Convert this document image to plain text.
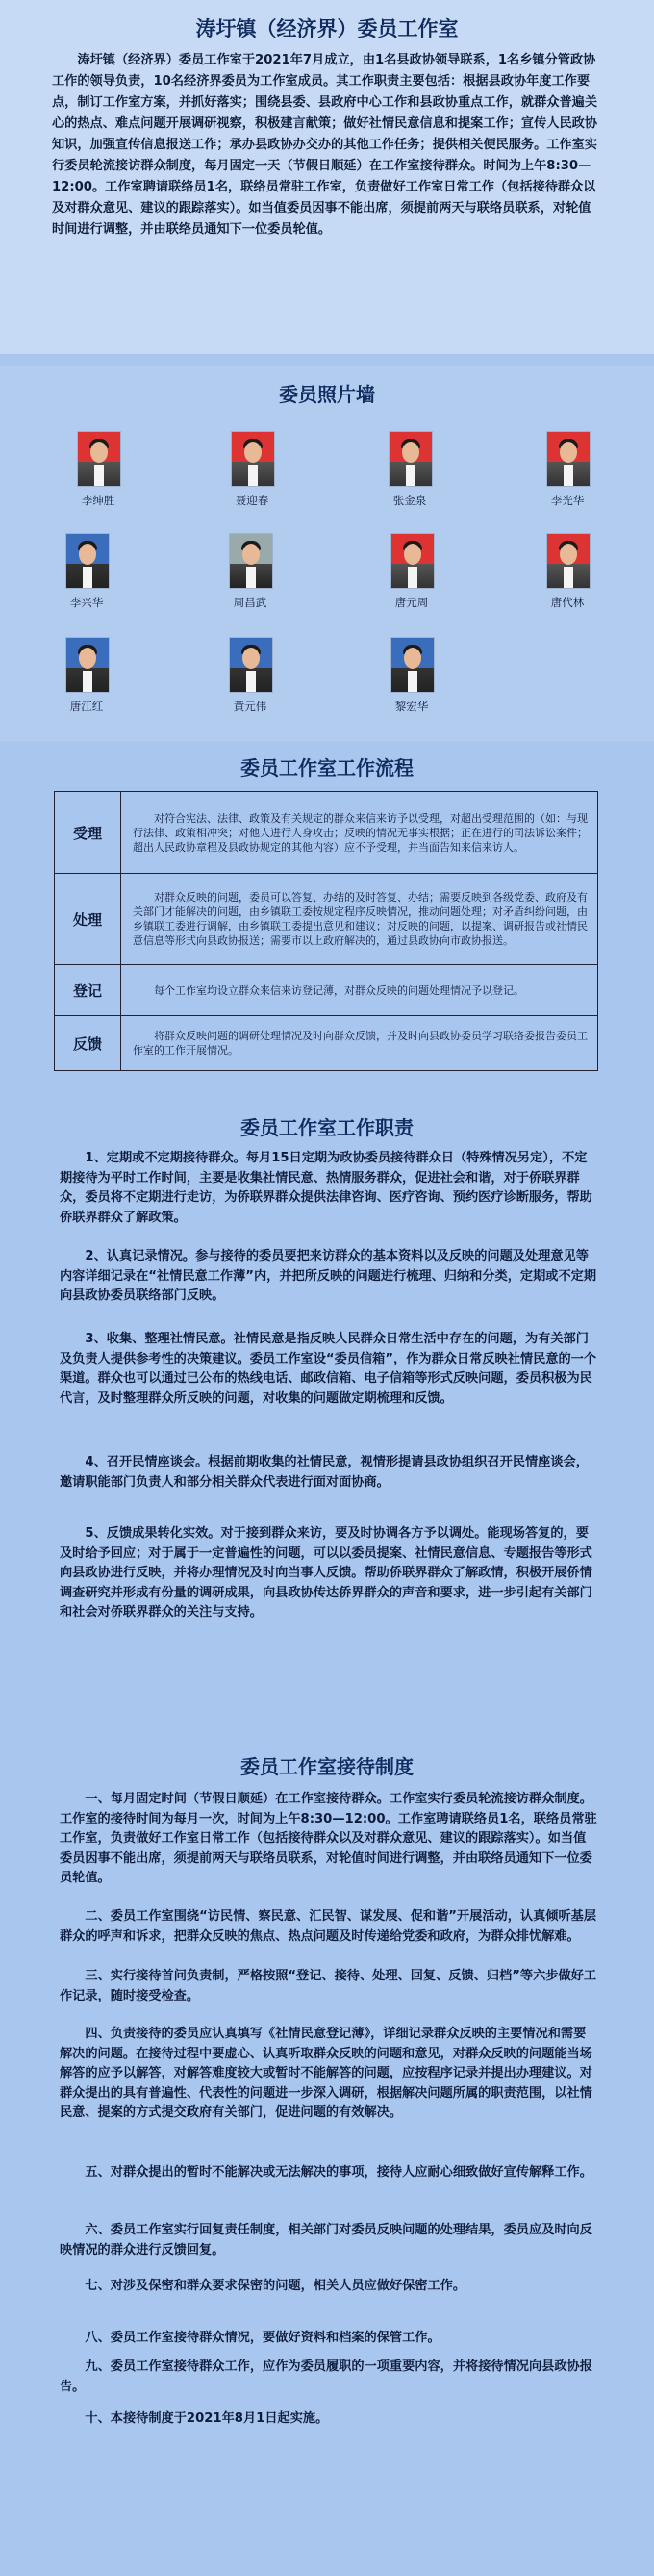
涛圩镇（经济界）委员工作室
涛圩镇（经济界）委员工作室于2021年7月成立，由1名县政协领导联系，1名乡镇分管政协工作的领导负责，10名经济界委员为工作室成员。其工作职责主要包括：根据县政协年度工作要点，制订工作室方案，并抓好落实；围绕县委、县政府中心工作和县政协重点工作，就群众普遍关心的热点、难点问题开展调研视察，积极建言献策；做好社情民意信息和提案工作；宣传人民政协知识，加强宣传信息报送工作；承办县政协办交办的其他工作任务；提供相关便民服务。工作室实行委员轮流接访群众制度，每月固定一天（节假日顺延）在工作室接待群众。时间为上午8:30—12:00。工作室聘请联络员1名，联络员常驻工作室，负责做好工作室日常工作（包括接待群众以及对群众意见、建议的跟踪落实）。如当值委员因事不能出席，须提前两天与联络员联系，对轮值时间进行调整，并由联络员通知下一位委员轮值。
委员照片墙
李绅胜	聂迎春	张金泉	李光华
李兴华	周昌武	唐元周	唐代林
唐江红	黄元伟	黎宏华
委员工作室工作流程
受理	对符合宪法、法律、政策及有关规定的群众来信来访予以受理，对超出受理范围的（如：与现行法律、政策相冲突；对他人进行人身攻击；反映的情况无事实根据；正在进行的司法诉讼案件；超出人民政协章程及县政协规定的其他内容）应不予受理，并当面告知来信来访人。
处理	对群众反映的问题，委员可以答复、办结的及时答复、办结；需要反映到各级党委、政府及有关部门才能解决的问题，由乡镇联工委按规定程序反映情况，推动问题处理；对矛盾纠纷问题，由乡镇联工委进行调解，由乡镇联工委提出意见和建议；对反映的问题，以提案、调研报告或社情民意信息等形式向县政协报送；需要市以上政府解决的，通过县政协向市政协报送。
登记	每个工作室均设立群众来信来访登记薄，对群众反映的问题处理情况予以登记。
反馈	将群众反映问题的调研处理情况及时向群众反馈，并及时向县政协委员学习联络委报告委员工作室的工作开展情况。
委员工作室工作职责
1、定期或不定期接待群众。每月15日定期为政协委员接待群众日（特殊情况另定），不定期接待为平时工作时间，主要是收集社情民意、热情服务群众，促进社会和谐，对于侨联界群众，委员将不定期进行走访，为侨联界群众提供法律咨询、医疗咨询、预约医疗诊断服务，帮助侨联界群众了解政策。
2、认真记录情况。参与接待的委员要把来访群众的基本资料以及反映的问题及处理意见等内容详细记录在“社情民意工作薄”内，并把所反映的问题进行梳理、归纳和分类，定期或不定期向县政协委员联络部门反映。
3、收集、整理社情民意。社情民意是指反映人民群众日常生活中存在的问题，为有关部门及负责人提供参考性的决策建议。委员工作室设“委员信箱”，作为群众日常反映社情民意的一个渠道。群众也可以通过已公布的热线电话、邮政信箱、电子信箱等形式反映问题，委员积极为民代言，及时整理群众所反映的问题，对收集的问题做定期梳理和反馈。
4、召开民情座谈会。根据前期收集的社情民意，视情形提请县政协组织召开民情座谈会，邀请职能部门负责人和部分相关群众代表进行面对面协商。
5、反馈成果转化实效。对于接到群众来访，要及时协调各方予以调处。能现场答复的，要及时给予回应；对于属于一定普遍性的问题，可以以委员提案、社情民意信息、专题报告等形式向县政协进行反映，并将办理情况及时向当事人反馈。帮助侨联界群众了解政情，积极开展侨情调查研究并形成有份量的调研成果，向县政协传达侨界群众的声音和要求，进一步引起有关部门和社会对侨联界群众的关注与支持。
委员工作室接待制度
一、每月固定时间（节假日顺延）在工作室接待群众。工作室实行委员轮流接访群众制度。工作室的接待时间为每月一次，时间为上午8:30—12:00。工作室聘请联络员1名，联络员常驻工作室，负责做好工作室日常工作（包括接待群众以及对群众意见、建议的跟踪落实）。如当值委员因事不能出席，须提前两天与联络员联系，对轮值时间进行调整，并由联络员通知下一位委员轮值。
二、委员工作室围绕“访民情、察民意、汇民智、谋发展、促和谐”开展活动，认真倾听基层群众的呼声和诉求，把群众反映的焦点、热点问题及时传递给党委和政府，为群众排忧解难。
三、实行接待首问负责制，严格按照“登记、接待、处理、回复、反馈、归档”等六步做好工作记录，随时接受检查。
四、负责接待的委员应认真填写《社情民意登记薄》，详细记录群众反映的主要情况和需要解决的问题。在接待过程中要虚心、认真听取群众反映的问题和意见，对群众反映的问题能当场解答的应予以解答，对解答难度较大或暂时不能解答的问题，应按程序记录并提出办理建议。对群众提出的具有普遍性、代表性的问题进一步深入调研，根据解决问题所属的职责范围，以社情民意、提案的方式提交政府有关部门，促进问题的有效解决。
五、对群众提出的暂时不能解决或无法解决的事项，接待人应耐心细致做好宣传解释工作。
六、委员工作室实行回复责任制度，相关部门对委员反映问题的处理结果，委员应及时向反映情况的群众进行反馈回复。
七、对涉及保密和群众要求保密的问题，相关人员应做好保密工作。
八、委员工作室接待群众情况，要做好资料和档案的保管工作。
九、委员工作室接待群众工作，应作为委员履职的一项重要内容，并将接待情况向县政协报告。
十、本接待制度于2021年8月1日起实施。
